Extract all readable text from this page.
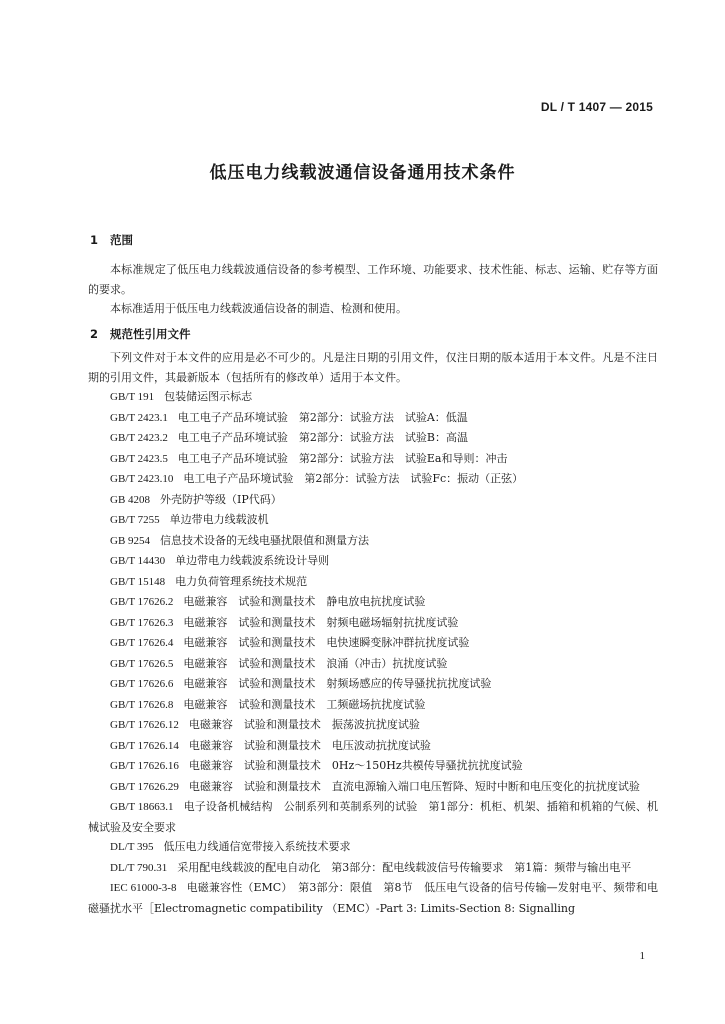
DL / T 1407 — 2015
低压电力线载波通信设备通用技术条件
1 范围
本标准规定了低压电力线载波通信设备的参考模型、工作环境、功能要求、技术性能、标志、运输、贮存等方面的要求。
本标准适用于低压电力线载波通信设备的制造、检测和使用。
2 规范性引用文件
下列文件对于本文件的应用是必不可少的。凡是注日期的引用文件，仅注日期的版本适用于本文件。凡是不注日期的引用文件，其最新版本（包括所有的修改单）适用于本文件。

GB/T 191 包装储运图示标志

GB/T 2423.1 电工电子产品环境试验　第2部分：试验方法　试验A：低温

GB/T 2423.2 电工电子产品环境试验　第2部分：试验方法　试验B：高温

GB/T 2423.5 电工电子产品环境试验　第2部分：试验方法　试验Ea和导则：冲击

GB/T 2423.10 电工电子产品环境试验　第2部分：试验方法　试验Fc：振动（正弦）

GB 4208 外壳防护等级（IP代码）

GB/T 7255 单边带电力线载波机

GB 9254 信息技术设备的无线电骚扰限值和测量方法

GB/T 14430 单边带电力线载波系统设计导则

GB/T 15148 电力负荷管理系统技术规范

GB/T 17626.2 电磁兼容　试验和测量技术　静电放电抗扰度试验

GB/T 17626.3 电磁兼容　试验和测量技术　射频电磁场辐射抗扰度试验

GB/T 17626.4 电磁兼容　试验和测量技术　电快速瞬变脉冲群抗扰度试验

GB/T 17626.5 电磁兼容　试验和测量技术　浪涌（冲击）抗扰度试验

GB/T 17626.6 电磁兼容　试验和测量技术　射频场感应的传导骚扰抗扰度试验

GB/T 17626.8 电磁兼容　试验和测量技术　工频磁场抗扰度试验

GB/T 17626.12 电磁兼容　试验和测量技术　振荡波抗扰度试验

GB/T 17626.14 电磁兼容　试验和测量技术　电压波动抗扰度试验

GB/T 17626.16 电磁兼容　试验和测量技术　0Hz～150Hz共模传导骚扰抗扰度试验

GB/T 17626.29 电磁兼容　试验和测量技术　直流电源输入端口电压暂降、短时中断和电压变化的抗扰度试验

GB/T 18663.1 电子设备机械结构　公制系列和英制系列的试验　第1部分：机柜、机架、插箱和机箱的气候、机械试验及安全要求

DL/T 395 低压电力线通信宽带接入系统技术要求

DL/T 790.31 采用配电线载波的配电自动化　第3部分：配电线载波信号传输要求　第1篇：频带与输出电平

IEC 61000-3-8 电磁兼容性（EMC）　第3部分：限值　第8节　低压电气设备的信号传输—发射电平、频带和电磁骚扰水平［Electromagnetic compatibility （EMC）-Part 3: Limits-Section 8: Signalling

1
